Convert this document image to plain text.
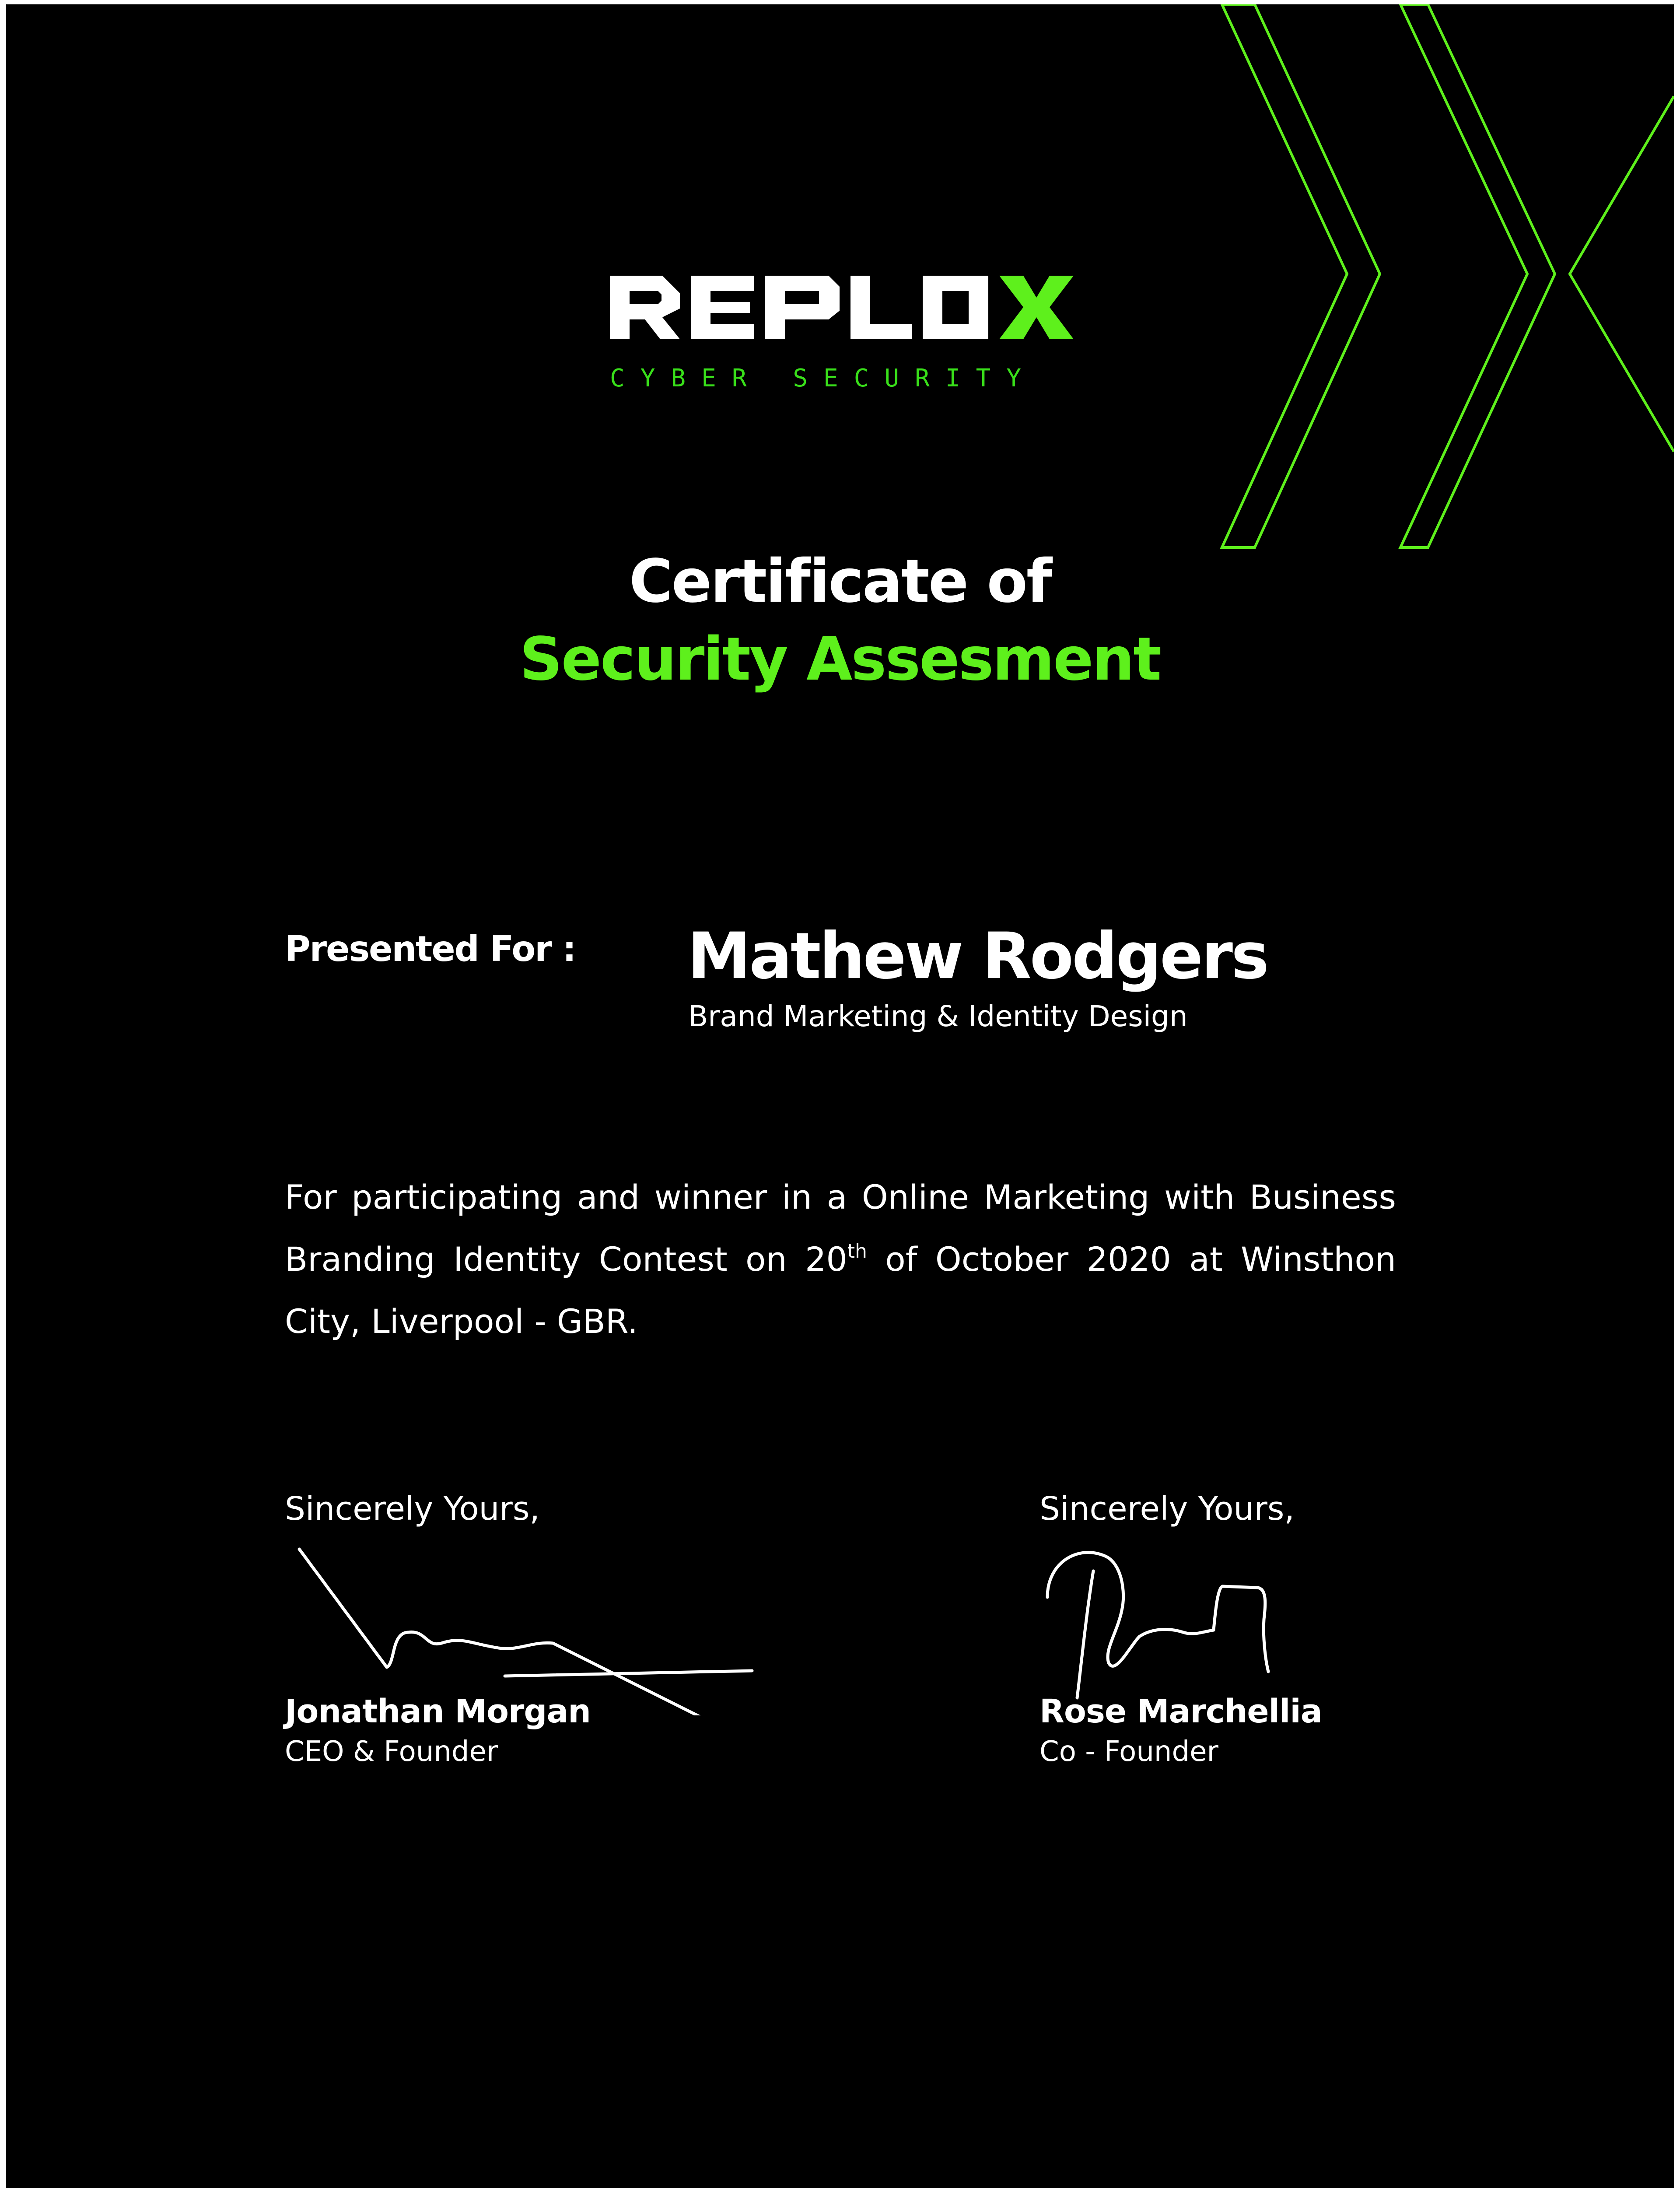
CYBER SECURITY
Certificate of
Security Assesment
Presented For : Mathew Rodgers
Brand Marketing & Identity Design
For participating and winner in a Online Marketing with Business Branding Identity Contest on 20th of October 2020 at Winsthon City, Liverpool - GBR.
Sincerely Yours,
Jonathan Morgan
CEO & Founder
Sincerely Yours,
Rose Marchellia
Co - Founder
